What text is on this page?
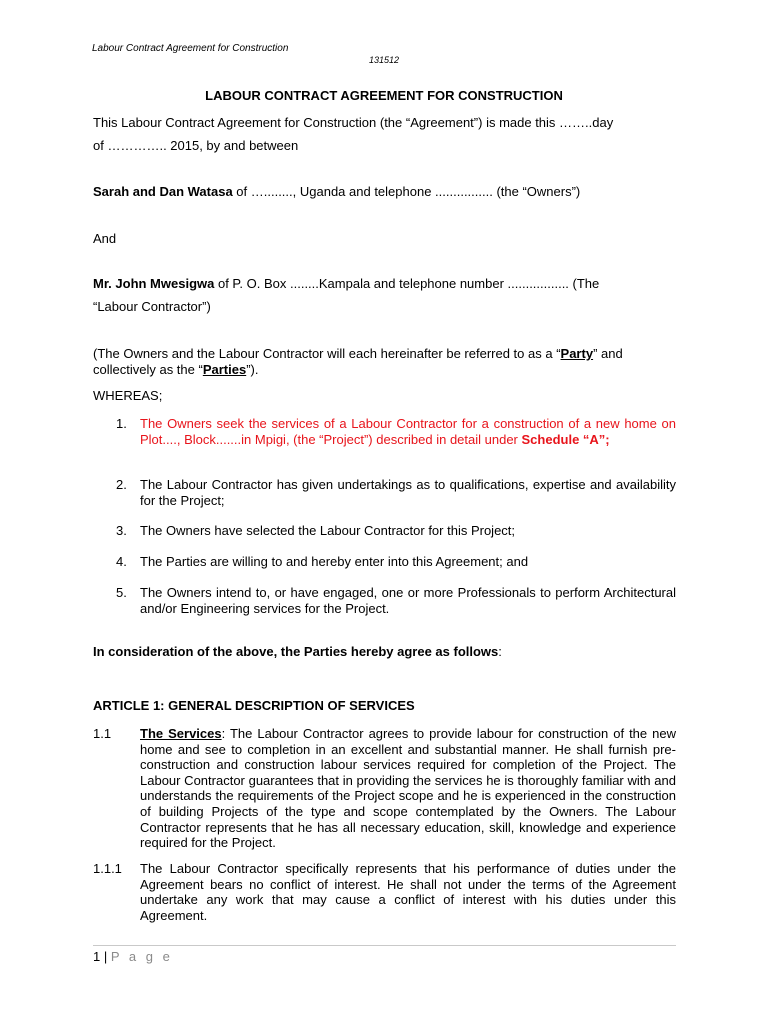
Labour Contract Agreement for Construction
131512
LABOUR CONTRACT AGREEMENT FOR CONSTRUCTION

This Labour Contract Agreement for Construction (the “Agreement”) is made this ……..day
of ………….. 2015, by and between

Sarah and Dan Watasa of …........, Uganda and telephone ................ (the “Owners”)

And

Mr. John Mwesigwa of P. O. Box ........Kampala and telephone number ................. (The
“Labour Contractor”)

(The Owners and the Labour Contractor will each hereinafter be referred to as a “Party” and collectively as the “Parties”).

WHEREAS;

1. The Owners seek the services of a Labour Contractor for a construction of a new home on Plot...., Block.......in Mpigi, (the “Project”) described in detail under Schedule “A”;
2. The Labour Contractor has given undertakings as to qualifications, expertise and availability for the Project;
3. The Owners have selected the Labour Contractor for this Project;
4. The Parties are willing to and hereby enter into this Agreement; and
5. The Owners intend to, or have engaged, one or more Professionals to perform Architectural and/or Engineering services for the Project.

In consideration of the above, the Parties hereby agree as follows:

ARTICLE 1: GENERAL DESCRIPTION OF SERVICES
1.1 The Services: The Labour Contractor agrees to provide labour for construction of the new home and see to completion in an excellent and substantial manner. He shall furnish pre-construction and construction labour services required for completion of the Project. The Labour Contractor guarantees that in providing the services he is thoroughly familiar with and understands the requirements of the Project scope and he is experienced in the construction of building Projects of the type and scope contemplated by the Owners. The Labour Contractor represents that he has all necessary education, skill, knowledge and experience required for the Project.
1.1.1 The Labour Contractor specifically represents that his performance of duties under the Agreement bears no conflict of interest. He shall not under the terms of the Agreement undertake any work that may cause a conflict of interest with his duties under this Agreement.
1 | P a g e
